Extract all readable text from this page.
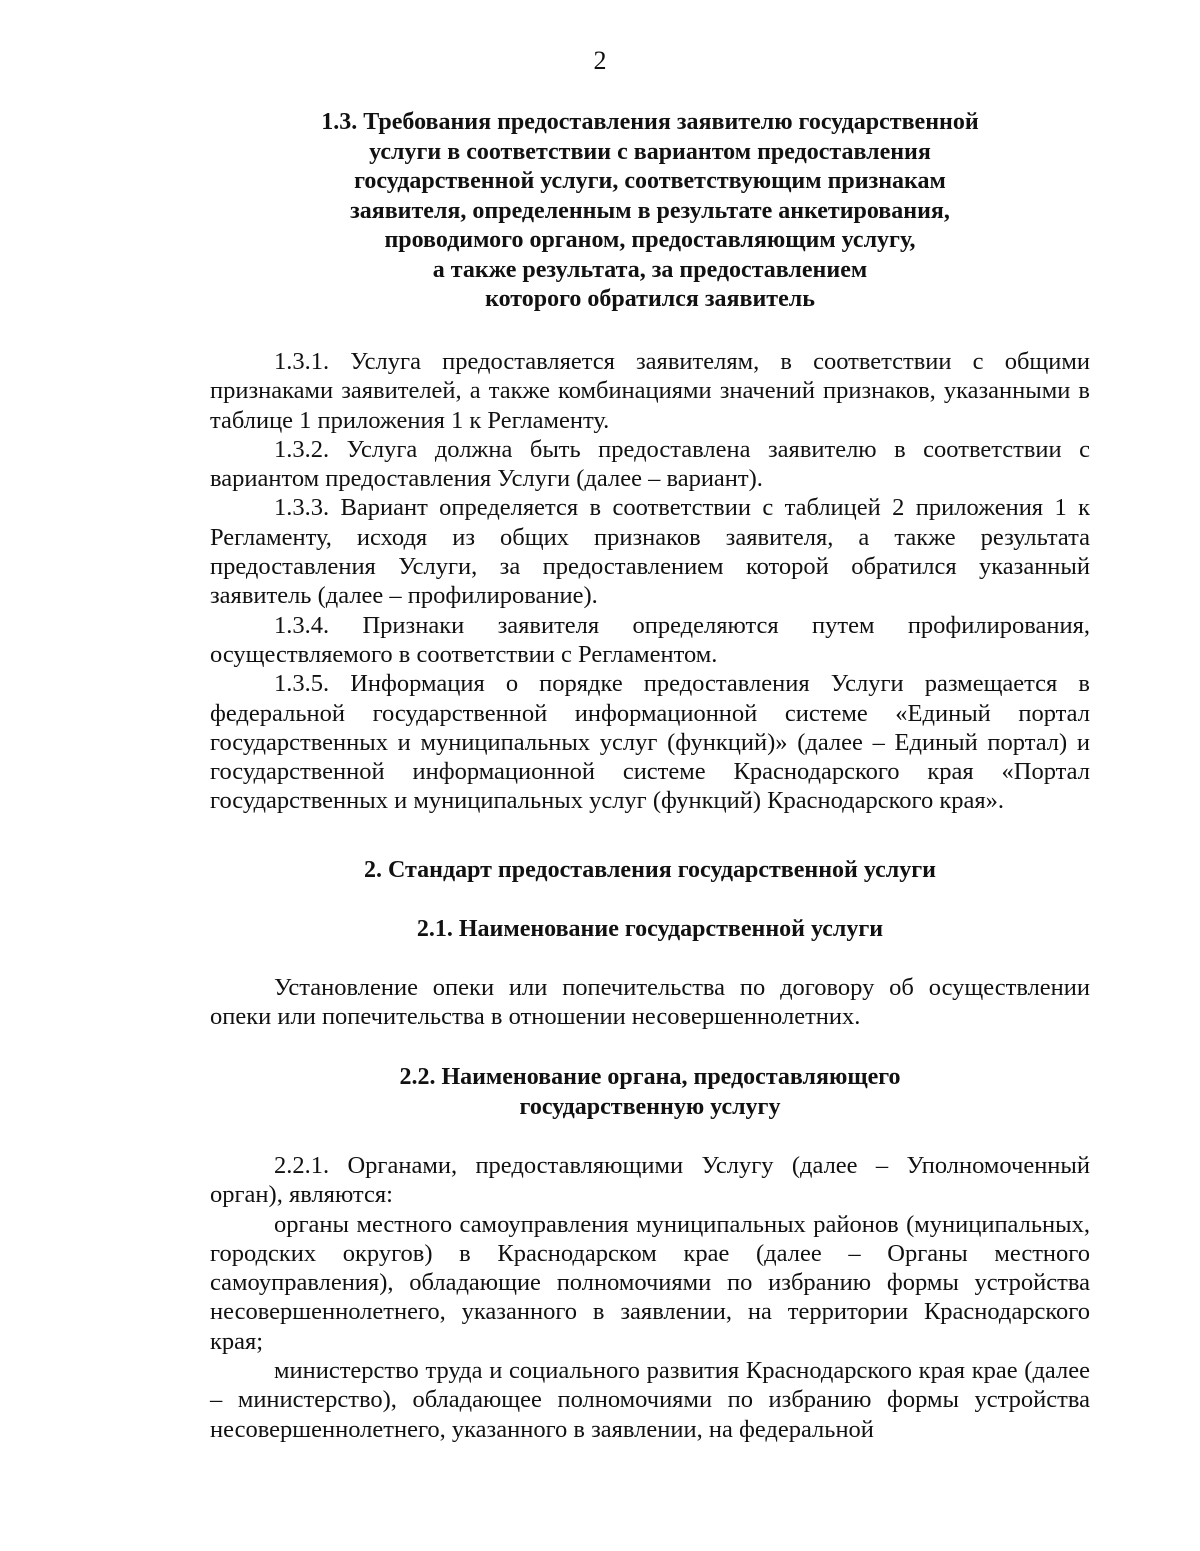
2
1.3. Требования предоставления заявителю государственной
услуги в соответствии с вариантом предоставления
государственной услуги, соответствующим признакам
заявителя, определенным в результате анкетирования,
проводимого органом, предоставляющим услугу,
а также результата, за предоставлением
которого обратился заявитель

1.3.1. Услуга предоставляется заявителям, в соответствии с общими признаками заявителей, а также комбинациями значений признаков, указанными в таблице 1 приложения 1 к Регламенту.

1.3.2. Услуга должна быть предоставлена заявителю в соответствии с вариантом предоставления Услуги (далее – вариант).

1.3.3. Вариант определяется в соответствии с таблицей 2 приложения 1 к Регламенту, исходя из общих признаков заявителя, а также результата предоставления Услуги, за предоставлением которой обратился указанный заявитель (далее – профилирование).

1.3.4. Признаки заявителя определяются путем профилирования, осуществляемого в соответствии с Регламентом.

1.3.5. Информация о порядке предоставления Услуги размещается в федеральной государственной информационной системе «Единый портал государственных и муниципальных услуг (функций)» (далее – Единый портал) и государственной информационной системе Краснодарского края «Портал государственных и муниципальных услуг (функций) Краснодарского края».

2. Стандарт предоставления государственной услуги
2.1. Наименование государственной услуги

Установление опеки или попечительства по договору об осуществлении опеки или попечительства в отношении несовершеннолетних.

2.2. Наименование органа, предоставляющего
государственную услугу

2.2.1. Органами, предоставляющими Услугу (далее – Уполномоченный орган), являются:

органы местного самоуправления муниципальных районов (муниципальных, городских округов) в Краснодарском крае (далее – Органы местного самоуправления), обладающие полномочиями по избранию формы устройства несовершеннолетнего, указанного в заявлении, на территории Краснодарского края;

министерство труда и социального развития Краснодарского края крае (далее – министерство), обладающее полномочиями по избранию формы устройства несовершеннолетнего, указанного в заявлении, на федеральной
